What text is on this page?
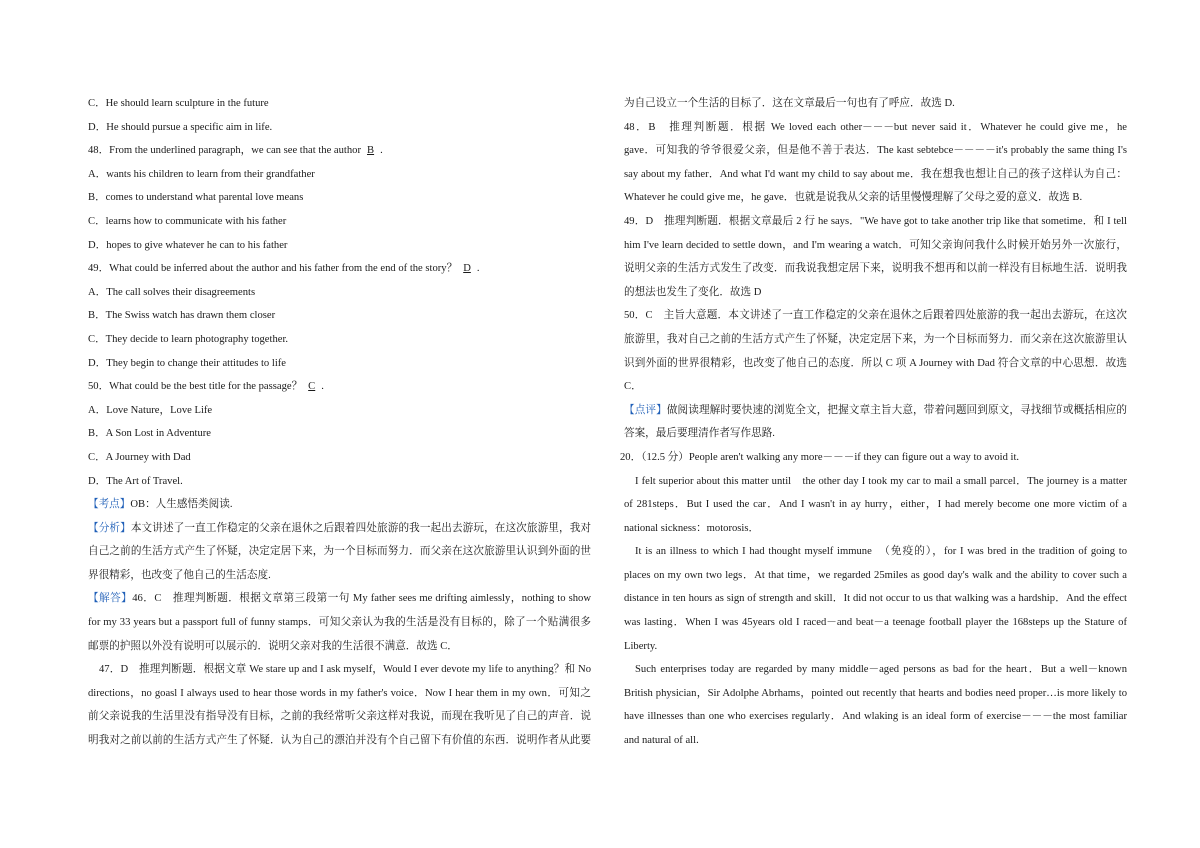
C．He should learn sculpture in the future
D．He should pursue a specific aim in life.
48．From the underlined paragraph，we can see that the author B .
A．wants his children to learn from their grandfather
B．comes to understand what parental love means
C．learns how to communicate with his father
D．hopes to give whatever he can to his father
49．What could be inferred about the author and his father from the end of the story？ D .
A．The call solves their disagreements
B．The Swiss watch has drawn them closer
C．They decide to learn photography together.
D．They begin to change their attitudes to life
50．What could be the best title for the passage？ C .
A．Love Nature，Love Life
B．A Son Lost in Adventure
C．A Journey with Dad
D．The Art of Travel.
【考点】OB：人生感悟类阅读.
【分析】本文讲述了一直工作稳定的父亲在退休之后跟着四处旅游的我一起出去游玩，在这次旅游里，我对
自己之前的生活方式产生了怀疑，决定定居下来，为一个目标而努力．而父亲在这次旅游里认识到外面的世
界很精彩，也改变了他自己的生活态度.
【解答】46．C　推理判断题．根据文章第三段第一句 My father sees me drifting aimlessly，nothing to show
for my 33 years but a passport full of funny stamps．可知父亲认为我的生活是没有目标的，除了一个贴满很多
邮票的护照以外没有说明可以展示的．说明父亲对我的生活很不满意．故选 C．
47．D　推理判断题．根据文章 We stare up and I ask myself，Would I ever devote my life to anything？和 No
directions，no goasl I always used to hear those words in my father's voice．Now I hear them in my own．可知之
前父亲说我的生活里没有指导没有目标，之前的我经常听父亲这样对我说，而现在我听见了自己的声音．说
明我对之前以前的生活方式产生了怀疑．认为自己的漂泊并没有个自己留下有价值的东西．说明作者从此要
为自己设立一个生活的目标了．这在文章最后一句也有了呼应．故选 D.
48．B　推理判断题．根据 We loved each other－－－but never said it．Whatever he could give me，he
gave．可知我的爷爷很爱父亲，但是他不善于表达．The kast sebtebce－－－－it's probably the same thing I's
say about my father．And what I'd want my child to say about me．我在想我也想让自己的孩子这样认为自己：
Whatever he could give me，he gave．也就是说我从父亲的话里慢慢理解了父母之爱的意义．故选 B.
49．D　推理判断题．根据文章最后 2 行 he says．"We have got to take another trip like that sometime．和 I tell
him I've learn decided to settle down，and I'm wearing a watch．可知父亲询问我什么时候开始另外一次旅行，
说明父亲的生活方式发生了改变．而我说我想定居下来，说明我不想再和以前一样没有目标地生活．说明我
的想法也发生了变化．故选 D
50．C　主旨大意题．本文讲述了一直工作稳定的父亲在退休之后跟着四处旅游的我一起出去游玩，在这次
旅游里，我对自己之前的生活方式产生了怀疑，决定定居下来，为一个目标而努力．而父亲在这次旅游里认
识到外面的世界很精彩，也改变了他自己的态度．所以 C 项 A Journey with Dad 符合文章的中心思想．故选
C．
【点评】做阅读理解时要快速的浏览全文，把握文章主旨大意，带着问题回到原文，寻找细节或概括相应的
答案，最后要理清作者写作思路.
20．（12.5 分）People aren't walking any more－－－if they can figure out a way to avoid it.
I felt superior about this matter until　the other day I took my car to mail a small parcel．The journey is a matter
of 281steps．But I used the car．And I wasn't in ay hurry，either，I had merely become one more victim of a
national sickness：motorosis．
It is an illness to which I had thought myself immune　（免疫的），for I was bred in the tradition of going to
places on my own two legs．At that time，we regarded 25miles as good day's walk and the ability to cover such a
distance in ten hours as sign of strength and skill．It did not occur to us that walking was a hardship．And the effect
was lasting．When I was 45years old I raced－and beat－a teenage football player the 168steps up the Stature of
Liberty.
Such enterprises today are regarded by many middle－aged persons as bad for the heart．But a well－known
British physician，Sir Adolphe Abrhams，pointed out recently that hearts and bodies need proper…is more likely to
have illnesses than one who exercises regularly．And wlaking is an ideal form of exercise－－－the most familiar
and natural of all.
